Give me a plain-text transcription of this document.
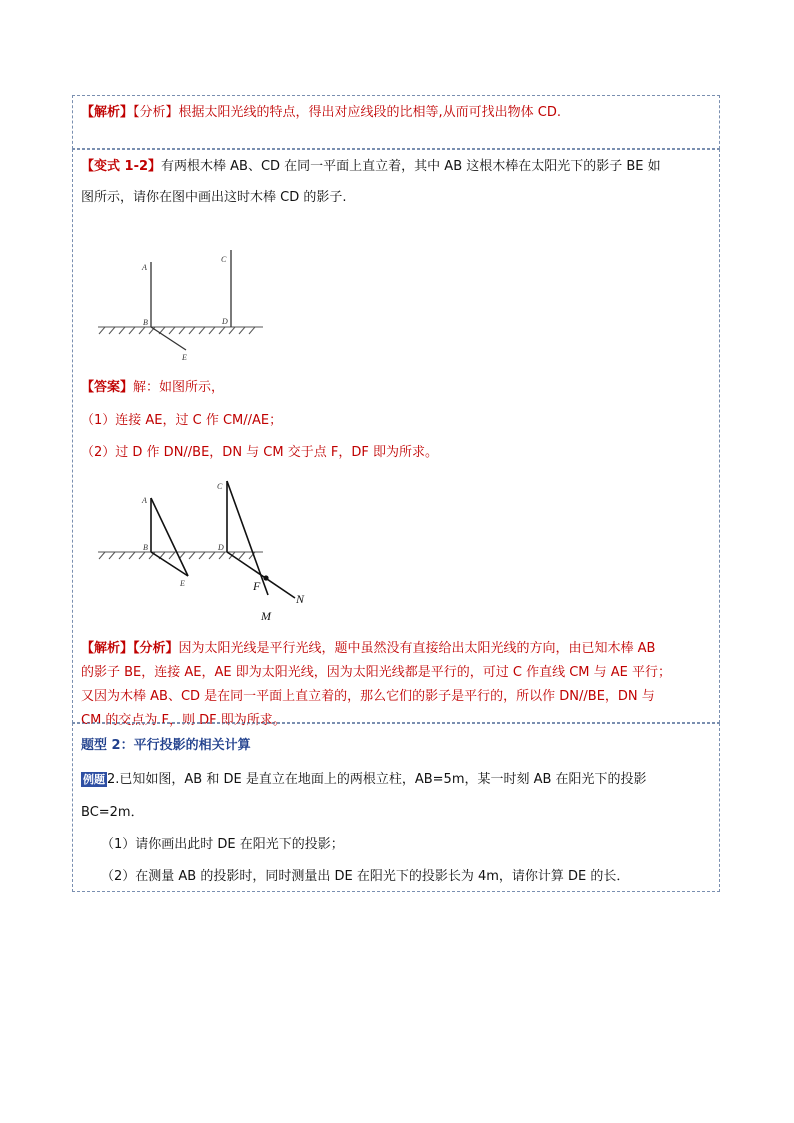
【解析】【分析】根据太阳光线的特点，得出对应线段的比相等,从而可找出物体 CD.
【变式 1-2】有两根木棒 AB、CD 在同一平面上直立着，其中 AB 这根木棒在太阳光下的影子 BE 如
图所示，请你在图中画出这时木棒 CD 的影子.
A
C
B	D
E
【答案】解：如图所示，
（1）连接 AE，过 C 作 CM//AE；
（2）过 D 作 DN//BE，DN 与 CM 交于点 F，DF 即为所求。
A
C
B	D
E	F
N
M
【解析】【分析】因为太阳光线是平行光线，题中虽然没有直接给出太阳光线的方向，由已知木棒 AB
的影子 BE，连接 AE，AE 即为太阳光线，因为太阳光线都是平行的，可过 C 作直线 CM 与 AE 平行；
又因为木棒 AB、CD 是在同一平面上直立着的，那么它们的影子是平行的，所以作 DN//BE，DN 与
CM 的交点为 F，则 DF 即为所求。
题型 2：平行投影的相关计算
例题 2.已知如图，AB 和 DE 是直立在地面上的两根立柱，AB=5m，某一时刻 AB 在阳光下的投影
BC=2m．
（1）请你画出此时 DE 在阳光下的投影；
（2）在测量 AB 的投影时，同时测量出 DE 在阳光下的投影长为 4m，请你计算 DE 的长．
